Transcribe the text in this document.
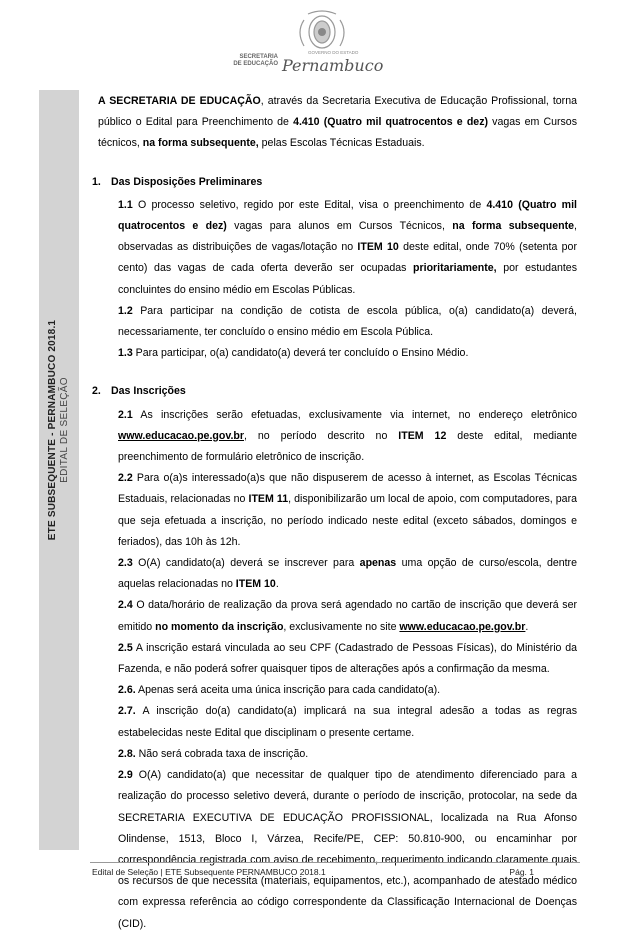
ETE SUBSEQUENTE - PERNAMBUCO 2018.1 EDITAL DE SELEÇÃO
SECRETARIA
DE EDUCAÇÃO
GOVERNO DO ESTADO
Pernambuco

A SECRETARIA DE EDUCAÇÃO, através da Secretaria Executiva de Educação Profissional, torna público o Edital para Preenchimento de 4.410 (Quatro mil quatrocentos e dez) vagas em Cursos técnicos, na forma subsequente, pelas Escolas Técnicas Estaduais.

1. Das Disposições Preliminares

1.1 O processo seletivo, regido por este Edital, visa o preenchimento de 4.410 (Quatro mil quatrocentos e dez) vagas para alunos em Cursos Técnicos, na forma subsequente, observadas as distribuições de vagas/lotação no ITEM 10 deste edital, onde 70% (setenta por cento) das vagas de cada oferta deverão ser ocupadas prioritariamente, por estudantes concluintes do ensino médio em Escolas Públicas.

1.2 Para participar na condição de cotista de escola pública, o(a) candidato(a) deverá, necessariamente, ter concluído o ensino médio em Escola Pública.

1.3 Para participar, o(a) candidato(a) deverá ter concluído o Ensino Médio.

2. Das Inscrições

2.1 As inscrições serão efetuadas, exclusivamente via internet, no endereço eletrônico www.educacao.pe.gov.br, no período descrito no ITEM 12 deste edital, mediante preenchimento de formulário eletrônico de inscrição.

2.2 Para o(a)s interessado(a)s que não dispuserem de acesso à internet, as Escolas Técnicas Estaduais, relacionadas no ITEM 11, disponibilizarão um local de apoio, com computadores, para que seja efetuada a inscrição, no período indicado neste edital (exceto sábados, domingos e feriados), das 10h às 12h.

2.3 O(A) candidato(a) deverá se inscrever para apenas uma opção de curso/escola, dentre aquelas relacionadas no ITEM 10.

2.4 O data/horário de realização da prova será agendado no cartão de inscrição que deverá ser emitido no momento da inscrição, exclusivamente no site www.educacao.pe.gov.br.

2.5 A inscrição estará vinculada ao seu CPF (Cadastrado de Pessoas Físicas), do Ministério da Fazenda, e não poderá sofrer quaisquer tipos de alterações após a confirmação da mesma.

2.6. Apenas será aceita uma única inscrição para cada candidato(a).

2.7. A inscrição do(a) candidato(a) implicará na sua integral adesão a todas as regras estabelecidas neste Edital que disciplinam o presente certame.

2.8. Não será cobrada taxa de inscrição.

2.9 O(A) candidato(a) que necessitar de qualquer tipo de atendimento diferenciado para a realização do processo seletivo deverá, durante o período de inscrição, protocolar, na sede da SECRETARIA EXECUTIVA DE EDUCAÇÃO PROFISSIONAL, localizada na Rua Afonso Olindense, 1513, Bloco I, Várzea, Recife/PE, CEP: 50.810-900, ou encaminhar por correspondência registrada com aviso de recebimento, requerimento indicando claramente quais os recursos de que necessita (materiais, equipamentos, etc.), acompanhado de atestado médico com expressa referência ao código correspondente da Classificação Internacional de Doenças (CID).

Edital de Seleção | ETE Subsequente PERNAMBUCO 2018.1	Pág. 1
